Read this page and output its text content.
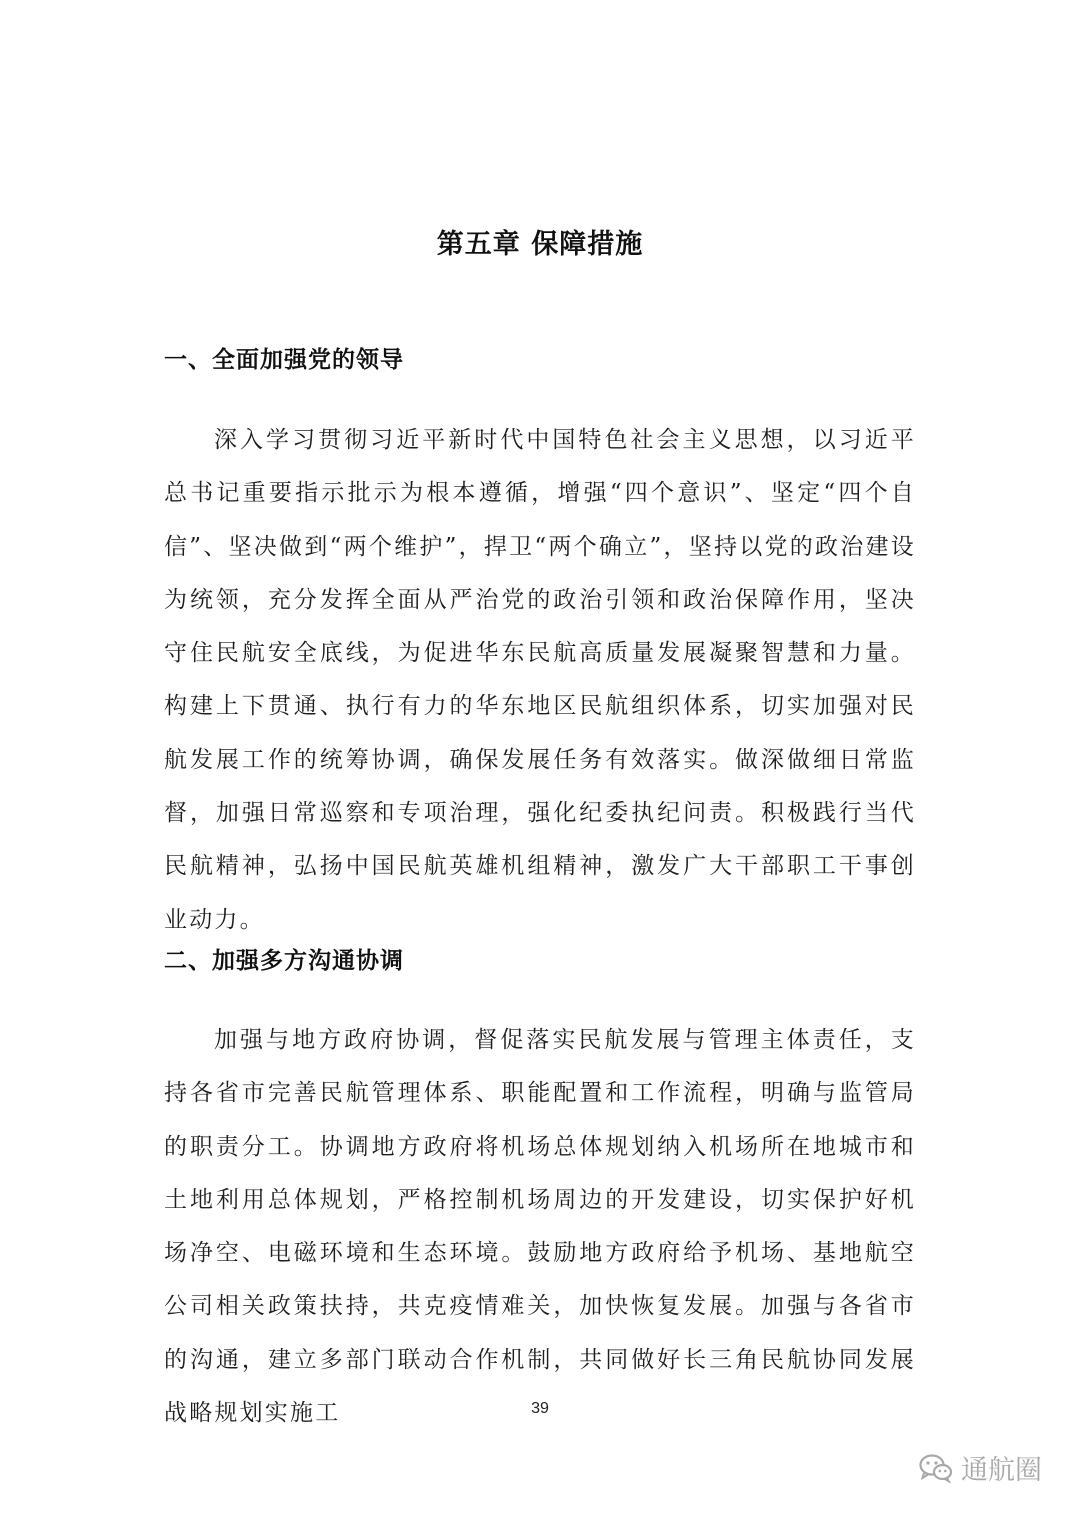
第五章 保障措施
一、全面加强党的领导
深入学习贯彻习近平新时代中国特色社会主义思想，以习近平总书记重要指示批示为根本遵循，增强“四个意识”、坚定“四个自信”、坚决做到“两个维护”，捍卫“两个确立”，坚持以党的政治建设为统领，充分发挥全面从严治党的政治引领和政治保障作用，坚决守住民航安全底线，为促进华东民航高质量发展凝聚智慧和力量。构建上下贯通、执行有力的华东地区民航组织体系，切实加强对民航发展工作的统筹协调，确保发展任务有效落实。做深做细日常监督，加强日常巡察和专项治理，强化纪委执纪问责。积极践行当代民航精神，弘扬中国民航英雄机组精神，激发广大干部职工干事创业动力。
二、加强多方沟通协调
加强与地方政府协调，督促落实民航发展与管理主体责任，支持各省市完善民航管理体系、职能配置和工作流程，明确与监管局的职责分工。协调地方政府将机场总体规划纳入机场所在地城市和土地利用总体规划，严格控制机场周边的开发建设，切实保护好机场净空、电磁环境和生态环境。鼓励地方政府给予机场、基地航空公司相关政策扶持，共克疫情难关，加快恢复发展。加强与各省市的沟通，建立多部门联动合作机制，共同做好长三角民航协同发展战略规划实施工	39
通航圈
